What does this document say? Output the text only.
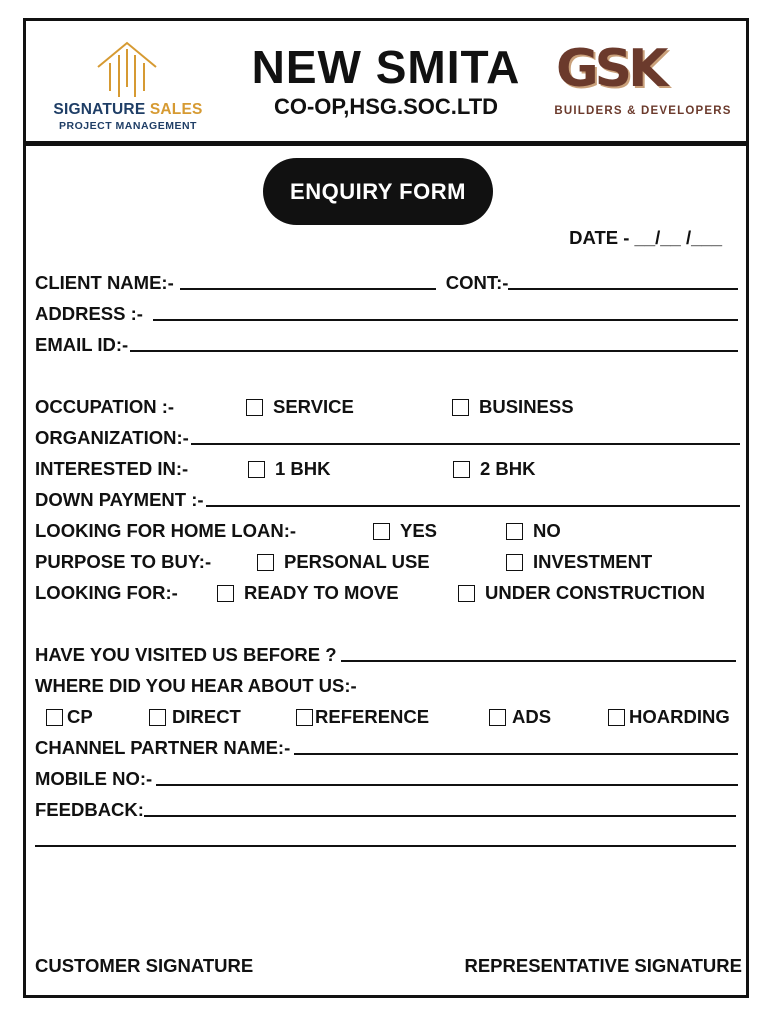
SIGNATURE SALES
PROJECT MANAGEMENT
NEW SMITA
CO-OP,HSG.SOC.LTD
GSK
BUILDERS & DEVELOPERS
ENQUIRY FORM
DATE - __/__ /___
CLIENT NAME:-	CONT:-
ADDRESS :-
EMAIL ID:-
OCCUPATION :-	SERVICE	BUSINESS
ORGANIZATION:-
INTERESTED IN:-	1 BHK	2 BHK
DOWN PAYMENT :-
LOOKING FOR HOME LOAN:-	YES	NO
PURPOSE TO BUY:-	PERSONAL USE	INVESTMENT
LOOKING FOR:-	READY TO MOVE	UNDER CONSTRUCTION
HAVE YOU VISITED US BEFORE ?
WHERE DID YOU HEAR ABOUT US:-
CP	DIRECT	REFERENCE	ADS	HOARDING
CHANNEL PARTNER NAME:-
MOBILE NO:-
FEEDBACK:
CUSTOMER SIGNATURE	REPRESENTATIVE SIGNATURE
